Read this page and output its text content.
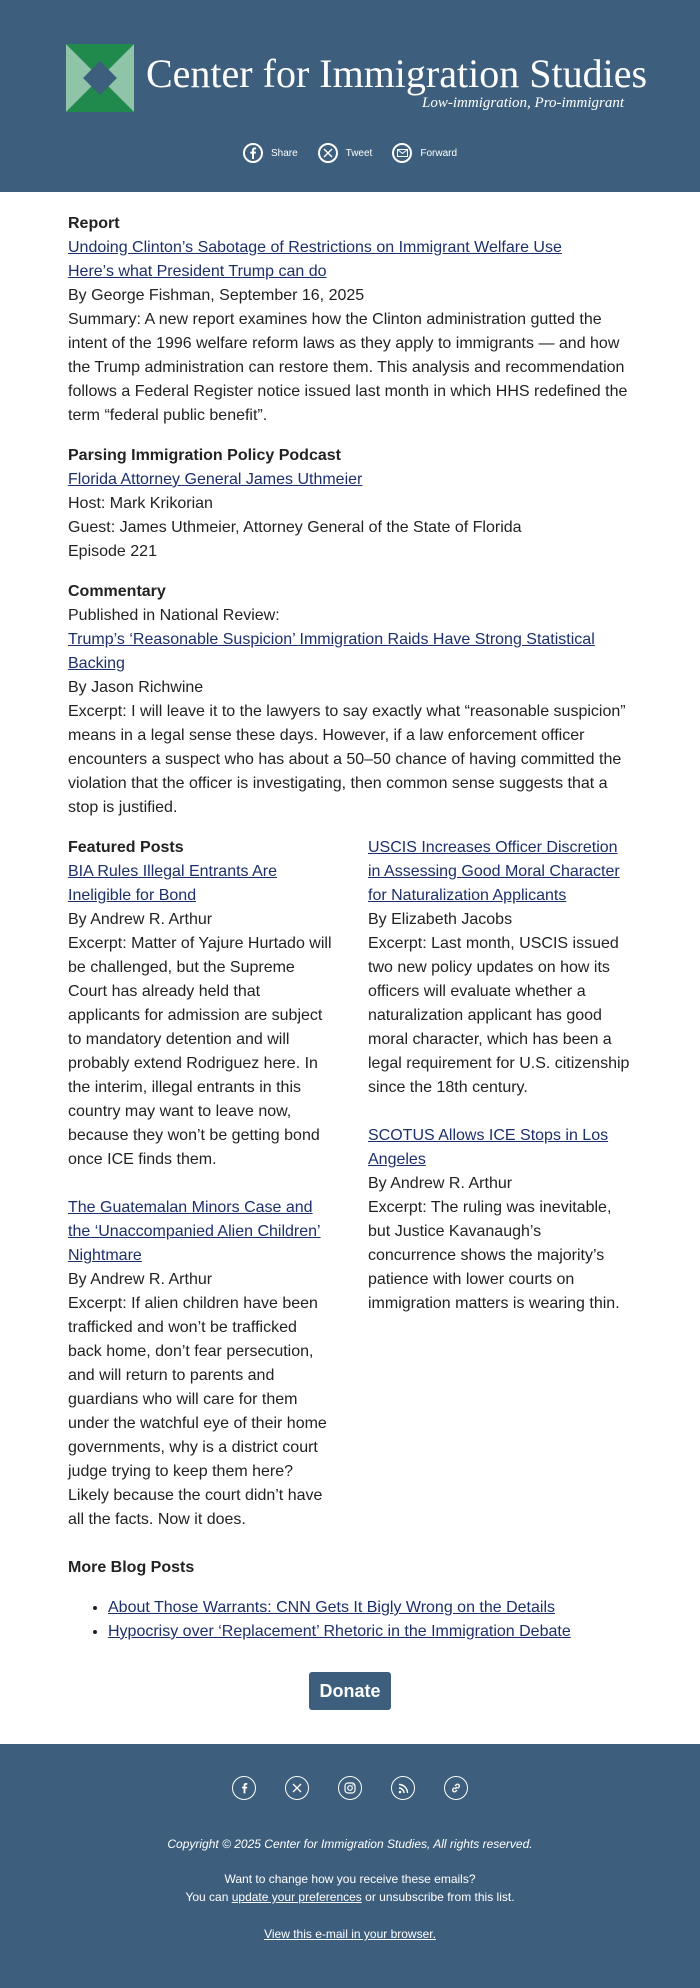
Center for Immigration Studies
Low-immigration, Pro-immigrant
Share	Tweet	Forward
Report
Undoing Clinton’s Sabotage of Restrictions on Immigrant Welfare Use
Here’s what President Trump can do
By George Fishman, September 16, 2025
Summary: A new report examines how the Clinton administration gutted the intent of the 1996 welfare reform laws as they apply to immigrants — and how the Trump administration can restore them. This analysis and recommendation follows a Federal Register notice issued last month in which HHS redefined the term “federal public benefit”.
Parsing Immigration Policy Podcast
Florida Attorney General James Uthmeier
Host: Mark Krikorian
Guest: James Uthmeier, Attorney General of the State of Florida
Episode 221
Commentary
Published in National Review:
Trump’s ‘Reasonable Suspicion’ Immigration Raids Have Strong Statistical Backing
By Jason Richwine
Excerpt: I will leave it to the lawyers to say exactly what “reasonable suspicion” means in a legal sense these days. However, if a law enforcement officer encounters a suspect who has about a 50–50 chance of having committed the violation that the officer is investigating, then common sense suggests that a stop is justified.
Featured Posts
BIA Rules Illegal Entrants Are Ineligible for Bond
By Andrew R. Arthur
Excerpt: Matter of Yajure Hurtado will be challenged, but the Supreme Court has already held that applicants for admission are subject to mandatory detention and will probably extend Rodriguez here. In the interim, illegal entrants in this country may want to leave now, because they won’t be getting bond once ICE finds them.
The Guatemalan Minors Case and the ‘Unaccompanied Alien Children’ Nightmare
By Andrew R. Arthur
Excerpt: If alien children have been trafficked and won’t be trafficked back home, don’t fear persecution, and will return to parents and guardians who will care for them under the watchful eye of their home governments, why is a district court judge trying to keep them here? Likely because the court didn’t have all the facts. Now it does.
USCIS Increases Officer Discretion in Assessing Good Moral Character for Naturalization Applicants
By Elizabeth Jacobs
Excerpt: Last month, USCIS issued two new policy updates on how its officers will evaluate whether a naturalization applicant has good moral character, which has been a legal requirement for U.S. citizenship since the 18th century.
SCOTUS Allows ICE Stops in Los Angeles
By Andrew R. Arthur
Excerpt: The ruling was inevitable, but Justice Kavanaugh’s concurrence shows the majority’s patience with lower courts on immigration matters is wearing thin.
More Blog Posts
• About Those Warrants: CNN Gets It Bigly Wrong on the Details
• Hypocrisy over ‘Replacement’ Rhetoric in the Immigration Debate
Donate
Copyright © 2025 Center for Immigration Studies, All rights reserved.
Want to change how you receive these emails?
You can update your preferences or unsubscribe from this list.
View this e-mail in your browser.
